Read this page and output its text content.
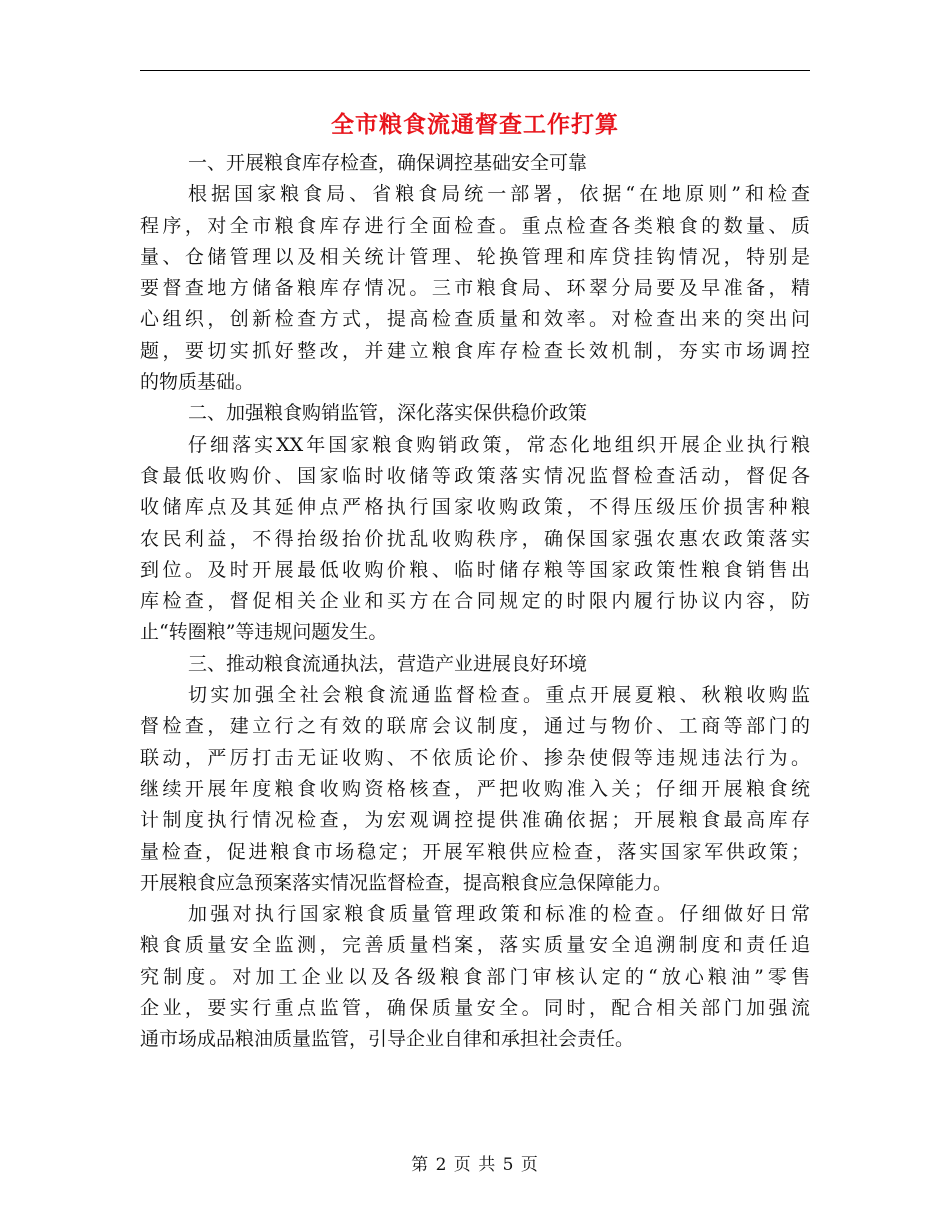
全市粮食流通督查工作打算
一、开展粮食库存检查，确保调控基础安全可靠
根据国家粮食局、省粮食局统一部署，依据“在地原则”和检查
程序，对全市粮食库存进行全面检查。重点检查各类粮食的数量、质
量、仓储管理以及相关统计管理、轮换管理和库贷挂钩情况，特别是
要督查地方储备粮库存情况。三市粮食局、环翠分局要及早准备，精
心组织，创新检查方式，提高检查质量和效率。对检查出来的突出问
题，要切实抓好整改，并建立粮食库存检查长效机制，夯实市场调控
的物质基础。
二、加强粮食购销监管，深化落实保供稳价政策
仔细落实XX年国家粮食购销政策，常态化地组织开展企业执行粮
食最低收购价、国家临时收储等政策落实情况监督检查活动，督促各
收储库点及其延伸点严格执行国家收购政策，不得压级压价损害种粮
农民利益，不得抬级抬价扰乱收购秩序，确保国家强农惠农政策落实
到位。及时开展最低收购价粮、临时储存粮等国家政策性粮食销售出
库检查，督促相关企业和买方在合同规定的时限内履行协议内容，防
止“转圈粮”等违规问题发生。
三、推动粮食流通执法，营造产业进展良好环境
切实加强全社会粮食流通监督检查。重点开展夏粮、秋粮收购监
督检查，建立行之有效的联席会议制度，通过与物价、工商等部门的
联动，严厉打击无证收购、不依质论价、掺杂使假等违规违法行为。
继续开展年度粮食收购资格核查，严把收购准入关；仔细开展粮食统
计制度执行情况检查，为宏观调控提供准确依据；开展粮食最高库存
量检查，促进粮食市场稳定；开展军粮供应检查，落实国家军供政策；
开展粮食应急预案落实情况监督检查，提高粮食应急保障能力。
加强对执行国家粮食质量管理政策和标准的检查。仔细做好日常
粮食质量安全监测，完善质量档案，落实质量安全追溯制度和责任追
究制度。对加工企业以及各级粮食部门审核认定的“放心粮油”零售
企业，要实行重点监管，确保质量安全。同时，配合相关部门加强流
通市场成品粮油质量监管，引导企业自律和承担社会责任。
第 2 页 共 5 页
